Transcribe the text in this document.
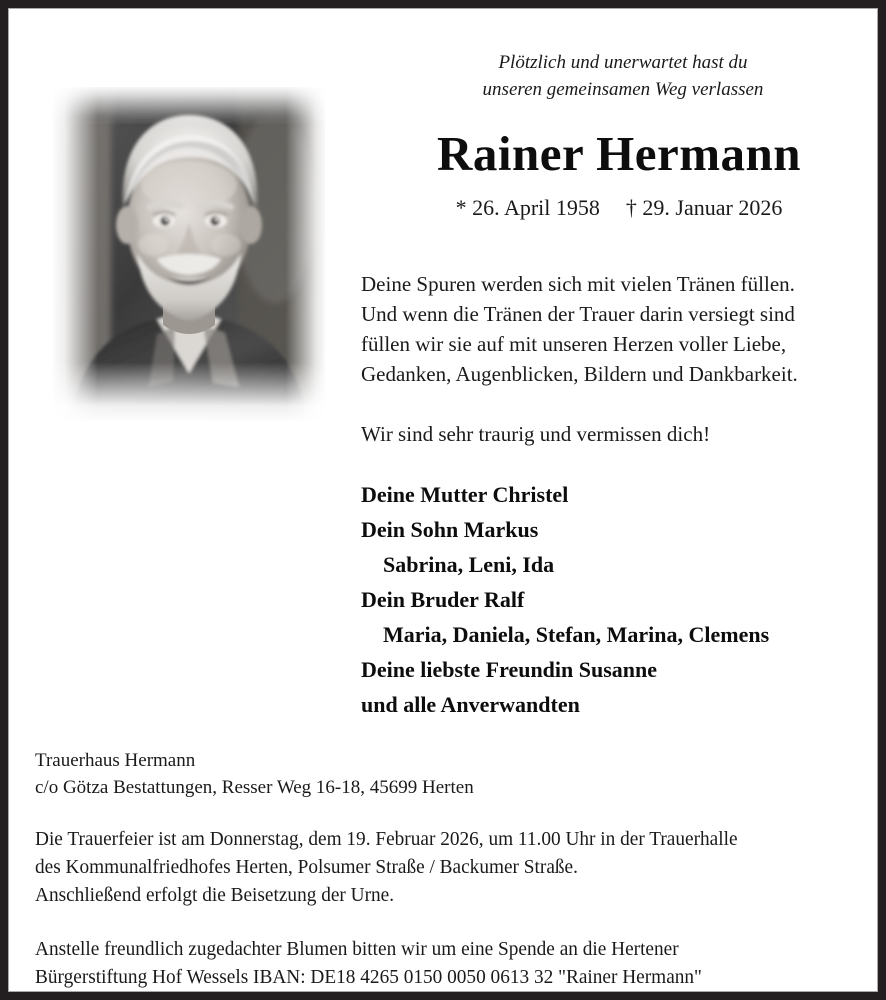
Plötzlich und unerwartet hast du
unseren gemeinsamen Weg verlassen
Rainer Hermann
* 26. April 1958 † 29. Januar 2026
Deine Spuren werden sich mit vielen Tränen füllen.
Und wenn die Tränen der Trauer darin versiegt sind
füllen wir sie auf mit unseren Herzen voller Liebe,
Gedanken, Augenblicken, Bildern und Dankbarkeit.
Wir sind sehr traurig und vermissen dich!
Deine Mutter Christel
Dein Sohn Markus
Sabrina, Leni, Ida
Dein Bruder Ralf
Maria, Daniela, Stefan, Marina, Clemens
Deine liebste Freundin Susanne
und alle Anverwandten
Trauerhaus Hermann
c/o Götza Bestattungen, Resser Weg 16-18, 45699 Herten
Die Trauerfeier ist am Donnerstag, dem 19. Februar 2026, um 11.00 Uhr in der Trauerhalle
des Kommunalfriedhofes Herten, Polsumer Straße / Backumer Straße.
Anschließend erfolgt die Beisetzung der Urne.
Anstelle freundlich zugedachter Blumen bitten wir um eine Spende an die Hertener
Bürgerstiftung Hof Wessels IBAN: DE18 4265 0150 0050 0613 32 "Rainer Hermann"
